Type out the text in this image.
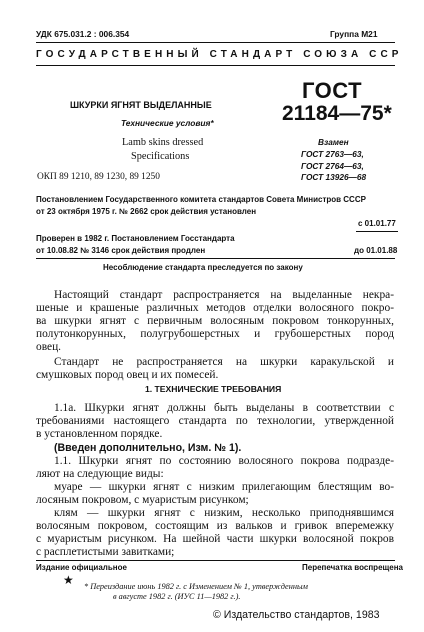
УДК 675.031.2 : 006.354	Группа М21
ГОСУДАРСТВЕННЫЙ СТАНДАРТ СОЮЗА ССР
ШКУРКИ ЯГНЯТ ВЫДЕЛАННЫЕ
Технические условия*
Lamb skins dressed
Specifications
ОКП 89 1210, 89 1230, 89 1250
ГОСТ
21184—75*
Взамен
ГОСТ 2763—63,
ГОСТ 2764—63,
ГОСТ 13926—68
Постановлением Государственного комитета стандартов Совета Министров СССР
от 23 октября 1975 г. № 2662 срок действия установлен
с 01.01.77
Проверен в 1982 г. Постановлением Госстандарта
от 10.08.82 № 3146 срок действия продлен	до 01.01.88
Несоблюдение стандарта преследуется по закону
Настоящий стандарт распространяется на выделанные некра-
шеные и крашеные различных методов отделки волосяного покро-
ва шкурки ягнят с первичным волосяным покровом тонкорунных,
полутонкорунных, полугрубошерстных и грубошерстных пород
овец.
Стандарт не распространяется на шкурки каракульской и
смушковых пород овец и их помесей.
1. ТЕХНИЧЕСКИЕ ТРЕБОВАНИЯ
1.1а. Шкурки ягнят должны быть выделаны в соответствии с
требованиями настоящего стандарта по технологии, утвержденной
в установленном порядке.
(Введен дополнительно, Изм. № 1).
1.1. Шкурки ягнят по состоянию волосяного покрова подразде-
ляют на следующие виды:
муаре — шкурки ягнят с низким прилегающим блестящим во-
лосяным покровом, с муаристым рисунком;
клям — шкурки ягнят с низким, несколько приподнявшимся
волосяным покровом, состоящим из вальков и гривок вперемежку
с муаристым рисунком. На шейной части шкурки волосяной покров
с расплетистыми завитками;
Издание официальное	Перепечатка воспрещена
★ * Переиздание июнь 1982 г. с Изменением № 1, утвержденным
в августе 1982 г. (ИУС 11—1982 г.).
© Издательство стандартов, 1983
